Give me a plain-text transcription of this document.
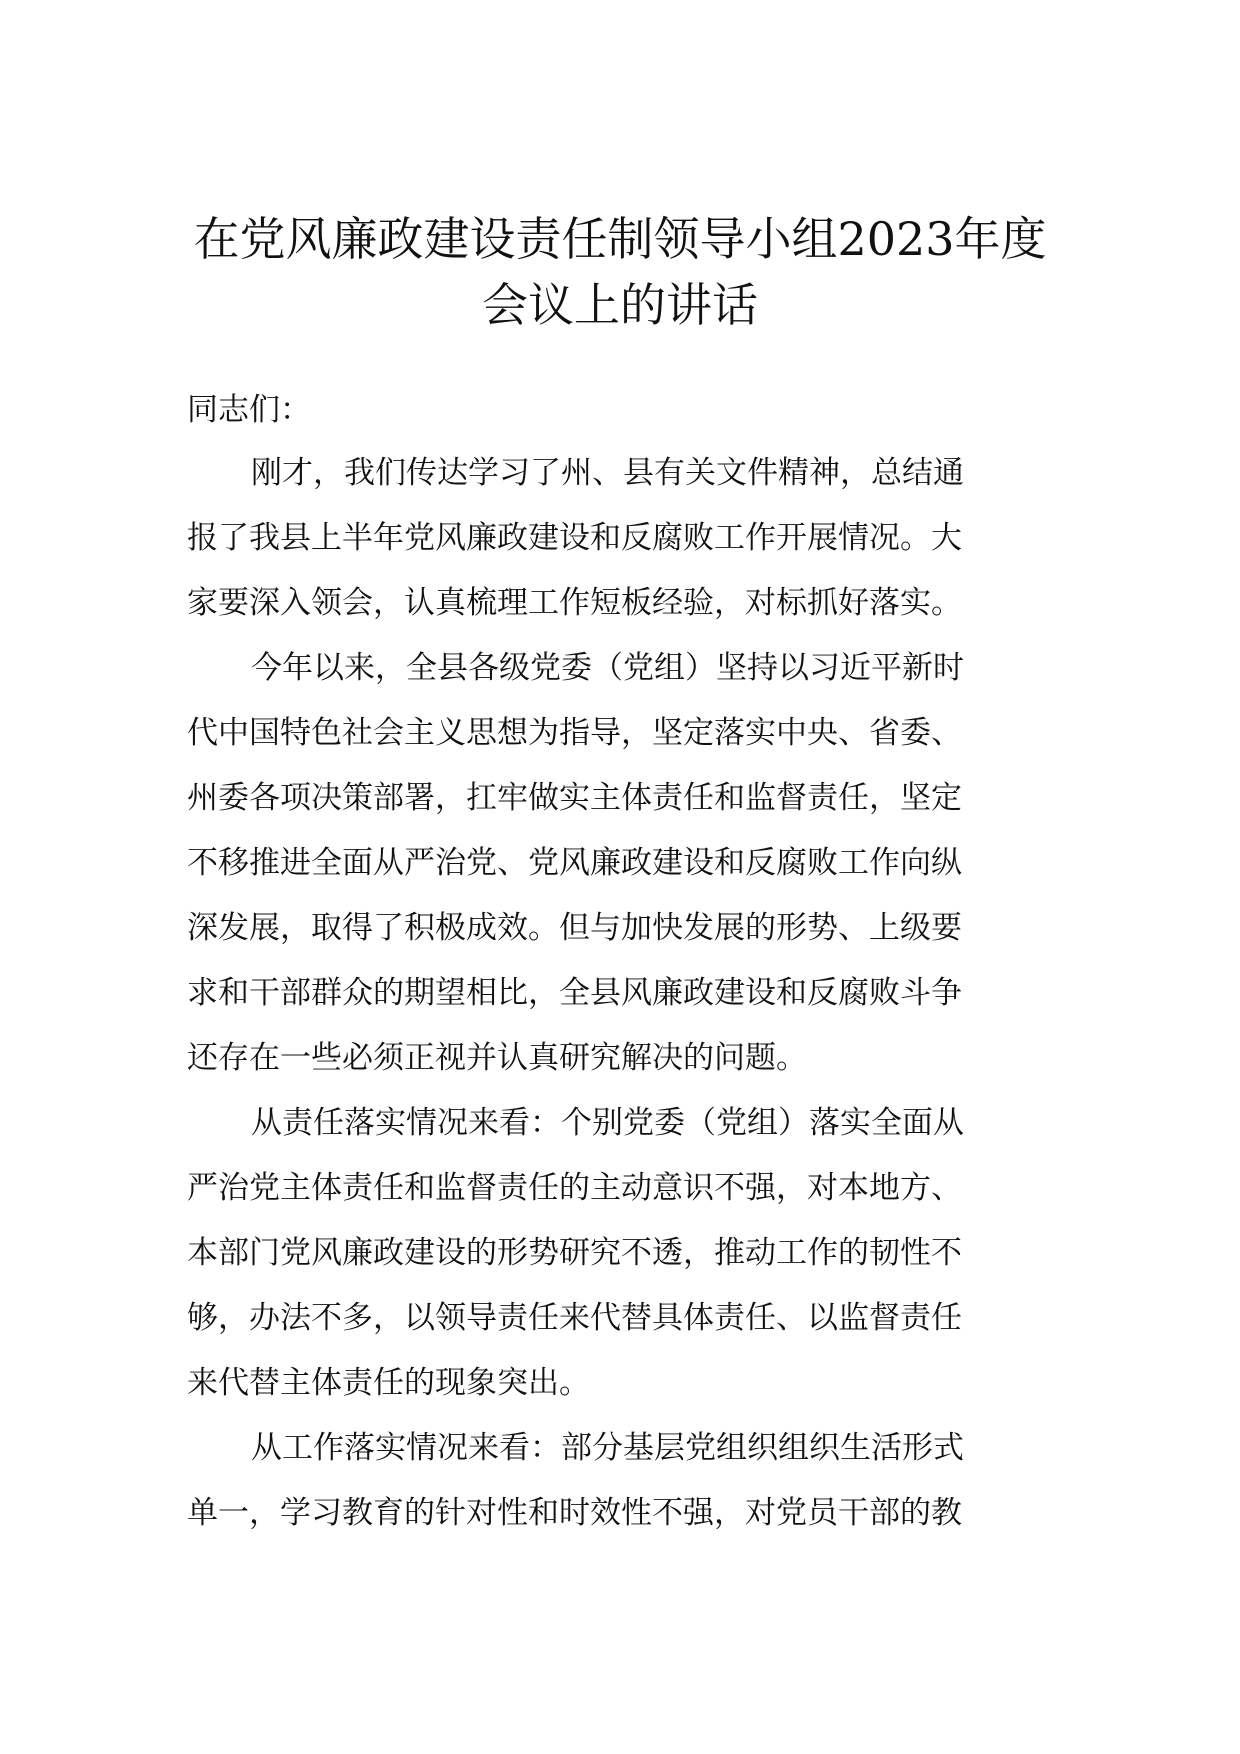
在党风廉政建设责任制领导小组2023年度
会议上的讲话
同志们：
刚才，我们传达学习了州、县有关文件精神，总结通
报了我县上半年党风廉政建设和反腐败工作开展情况。大
家要深入领会，认真梳理工作短板经验，对标抓好落实。
今年以来，全县各级党委（党组）坚持以习近平新时
代中国特色社会主义思想为指导，坚定落实中央、省委、
州委各项决策部署，扛牢做实主体责任和监督责任，坚定
不移推进全面从严治党、党风廉政建设和反腐败工作向纵
深发展，取得了积极成效。但与加快发展的形势、上级要
求和干部群众的期望相比，全县风廉政建设和反腐败斗争
还存在一些必须正视并认真研究解决的问题。
从责任落实情况来看：个别党委（党组）落实全面从
严治党主体责任和监督责任的主动意识不强，对本地方、
本部门党风廉政建设的形势研究不透，推动工作的韧性不
够，办法不多，以领导责任来代替具体责任、以监督责任
来代替主体责任的现象突出。
从工作落实情况来看：部分基层党组织组织生活形式
单一，学习教育的针对性和时效性不强，对党员干部的教
